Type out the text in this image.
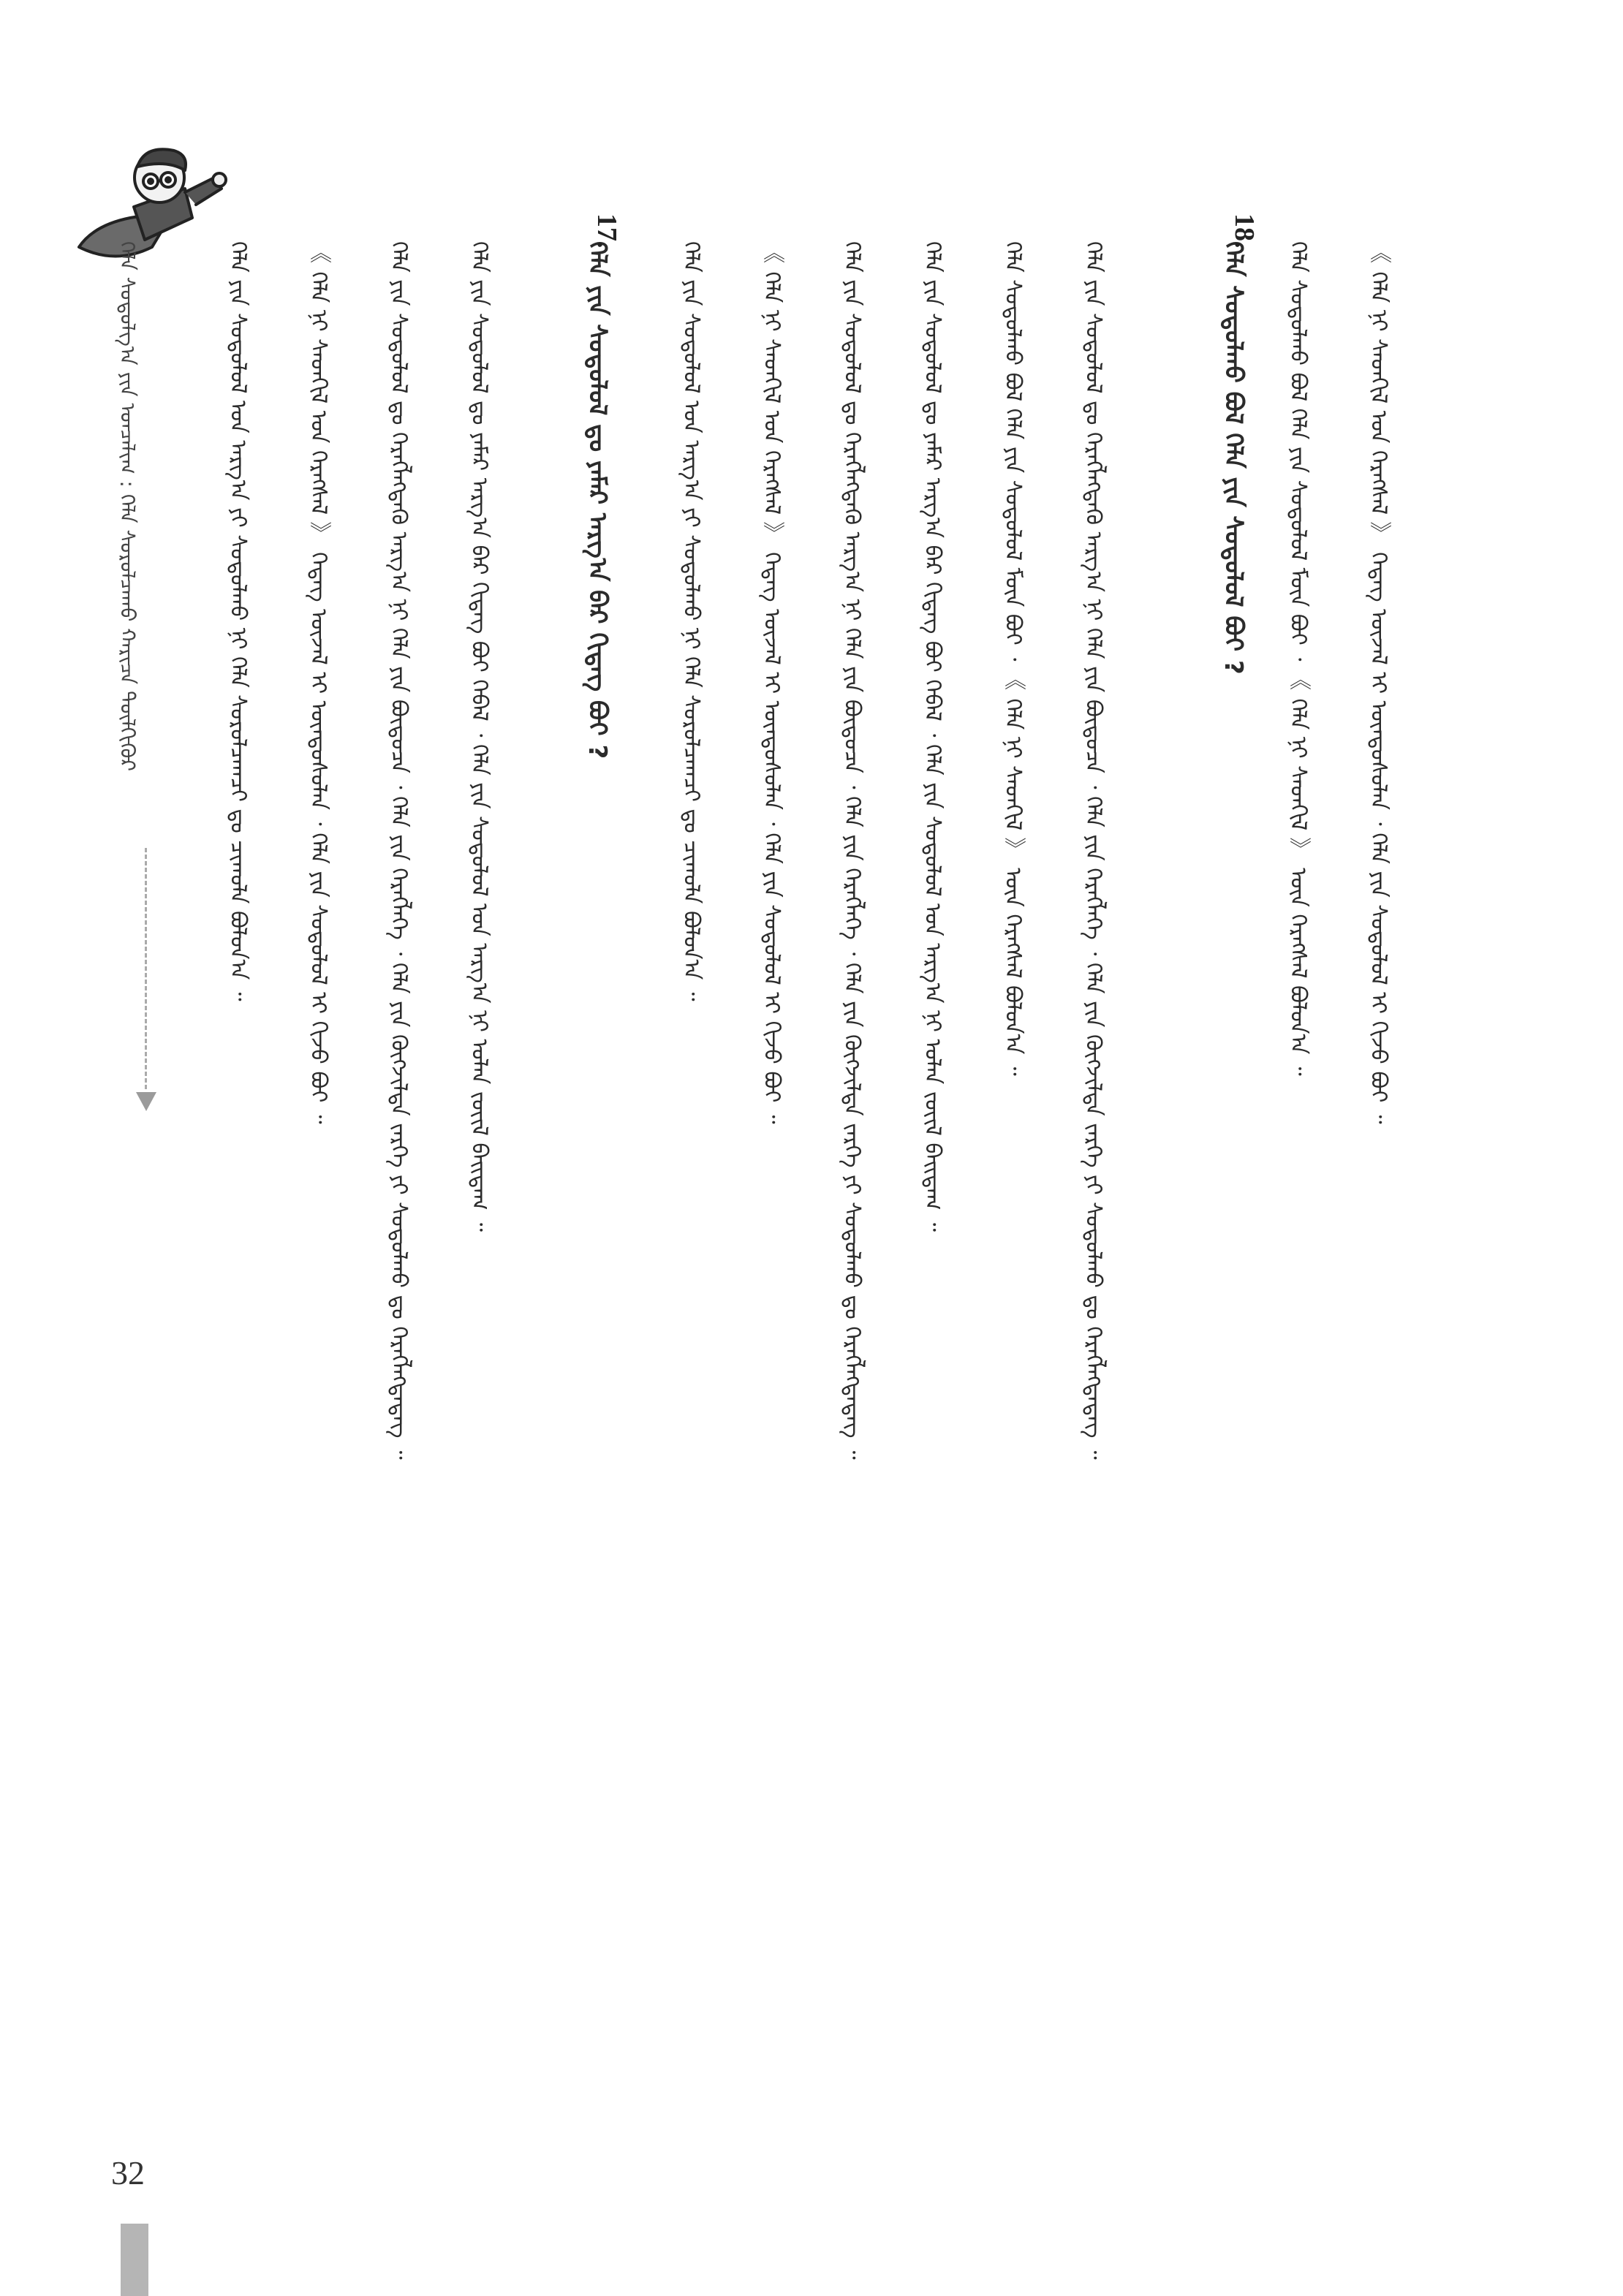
ᠬᠡᠯᠡ ᠰᠤᠳᠤᠯᠭ᠎ᠠ ᠶᠢᠨ ᠣᠨᠴᠠᠯᠢᠭ : ᠬᠡᠯᠡ ᠰᠤᠷᠤᠯᠴᠠᠬᠤ ᠬᠠᠷᠢᠴᠠ ᠲᠦᠯᠬᠢᠭᠦᠷ	ᠬᠡᠯᠡ ᠶᠢᠨ ᠰᠤᠳᠤᠯᠤᠯ ᠤᠨ ᠠᠷᠭ᠎ᠠ ᠶᠢ ᠰᠤᠳᠤᠯᠬᠤ ᠨᠢ ᠬᠡᠯᠡ ᠰᠤᠷᠤᠯᠴᠠᠭᠴᠢ ᠳᠤ ᠴᠢᠬᠤᠯᠠ ᠪᠣᠯᠤᠨ᠎ᠠ ᠃	《 ᠬᠡᠯᠡ ᠨᠢ ᠰᠡᠳᠬᠢᠯ ᠤᠨ ᠬᠡᠷᠡᠭᠰᠡᠯ 》 ᠭᠡᠳᠡᠭ ᠦᠵᠡᠯ ᠢ ᠦᠨᠳᠦᠰᠦᠯᠡᠨ ᠂ ᠬᠡᠯᠡ ᠶᠢᠨ ᠰᠤᠳᠤᠯᠤᠯ ᠢ ᠬᠢᠵᠦ ᠪᠤᠢ ᠃	ᠬᠡᠯᠡ ᠶᠢᠨ ᠰᠤᠳᠤᠯᠤᠯ ᠳᠤ ᠬᠡᠷᠡᠭᠯᠡᠭᠳᠡᠬᠦ ᠠᠷᠭ᠎ᠠ ᠨᠢ ᠬᠡᠯᠡ ᠶᠢᠨ ᠪᠦᠲᠦᠴᠡ ᠂ ᠬᠡᠯᠡ ᠶᠢᠨ ᠬᠡᠷᠡᠭᠯᠡᠭᠡ ᠂ ᠬᠡᠯᠡ ᠶᠢᠨ ᠬᠦᠭᠵᠢᠯᠲᠡ ᠵᠡᠷᠭᠡ ᠶᠢ ᠰᠤᠳᠤᠯᠬᠤ ᠳᠤ ᠬᠡᠷᠡᠭᠯᠡᠭᠳᠡᠳᠡᠭ ᠃	ᠬᠡᠯᠡ ᠶᠢᠨ ᠰᠤᠳᠤᠯᠤᠯ ᠳᠤ ᠶᠠᠮᠠᠷ ᠠᠷᠭ᠎ᠠ ᠪᠠᠷ ᠬᠢᠳᠡᠭ ᠪᠤᠢ ᠭᠡᠪᠡᠯ ᠂ ᠬᠡᠯᠡ ᠶᠢᠨ ᠰᠤᠳᠤᠯᠤᠯ ᠤᠨ ᠠᠷᠭ᠎ᠠ ᠨᠢ ᠣᠯᠠᠨ ᠵᠦᠢᠯ ᠪᠠᠢᠳᠠᠭ ᠃	ᠬᠡᠯᠡ ᠶᠢᠨ ᠰᠤᠳᠤᠯᠤᠯ ᠳᠤ ᠶᠠᠮᠠᠷ ᠠᠷᠭ᠎ᠠ ᠪᠠᠷ ᠬᠢᠳᠡᠭ ᠪᠤᠢ ?
17.
ᠬᠡᠯᠡ ᠶᠢᠨ ᠰᠤᠳᠤᠯᠤᠯ ᠤᠨ ᠠᠷᠭ᠎ᠠ ᠶᠢ ᠰᠤᠳᠤᠯᠬᠤ ᠨᠢ ᠬᠡᠯᠡ ᠰᠤᠷᠤᠯᠴᠠᠭᠴᠢ ᠳᠤ ᠴᠢᠬᠤᠯᠠ ᠪᠣᠯᠤᠨ᠎ᠠ ᠃	《 ᠬᠡᠯᠡ ᠨᠢ ᠰᠡᠳᠬᠢᠯ ᠤᠨ ᠬᠡᠷᠡᠭᠰᠡᠯ 》 ᠭᠡᠳᠡᠭ ᠦᠵᠡᠯ ᠢ ᠦᠨᠳᠦᠰᠦᠯᠡᠨ ᠂ ᠬᠡᠯᠡ ᠶᠢᠨ ᠰᠤᠳᠤᠯᠤᠯ ᠢ ᠬᠢᠵᠦ ᠪᠤᠢ ᠃	ᠬᠡᠯᠡ ᠶᠢᠨ ᠰᠤᠳᠤᠯᠤᠯ ᠳᠤ ᠬᠡᠷᠡᠭᠯᠡᠭᠳᠡᠬᠦ ᠠᠷᠭ᠎ᠠ ᠨᠢ ᠬᠡᠯᠡ ᠶᠢᠨ ᠪᠦᠲᠦᠴᠡ ᠂ ᠬᠡᠯᠡ ᠶᠢᠨ ᠬᠡᠷᠡᠭᠯᠡᠭᠡ ᠂ ᠬᠡᠯᠡ ᠶᠢᠨ ᠬᠦᠭᠵᠢᠯᠲᠡ ᠵᠡᠷᠭᠡ ᠶᠢ ᠰᠤᠳᠤᠯᠬᠤ ᠳᠤ ᠬᠡᠷᠡᠭᠯᠡᠭᠳᠡᠳᠡᠭ ᠃	ᠬᠡᠯᠡ ᠶᠢᠨ ᠰᠤᠳᠤᠯᠤᠯ ᠳᠤ ᠶᠠᠮᠠᠷ ᠠᠷᠭ᠎ᠠ ᠪᠠᠷ ᠬᠢᠳᠡᠭ ᠪᠤᠢ ᠭᠡᠪᠡᠯ ᠂ ᠬᠡᠯᠡ ᠶᠢᠨ ᠰᠤᠳᠤᠯᠤᠯ ᠤᠨ ᠠᠷᠭ᠎ᠠ ᠨᠢ ᠣᠯᠠᠨ ᠵᠦᠢᠯ ᠪᠠᠢᠳᠠᠭ ᠃	ᠬᠡᠯᠡ ᠰᠤᠳᠤᠯᠬᠤ ᠪᠣᠯ ᠬᠡᠯᠡ ᠶᠢᠨ ᠰᠤᠳᠤᠯᠤᠯ ᠮᠦᠨ ᠪᠤᠢ ᠂ 《 ᠬᠡᠯᠡ ᠨᠢ ᠰᠡᠳᠬᠢᠯ 》 ᠦᠨ ᠬᠡᠷᠡᠭᠰᠡᠯ ᠪᠣᠯᠤᠨ᠎ᠠ ᠃	ᠬᠡᠯᠡ ᠶᠢᠨ ᠰᠤᠳᠤᠯᠤᠯ ᠳᠤ ᠬᠡᠷᠡᠭᠯᠡᠭᠳᠡᠬᠦ ᠠᠷᠭ᠎ᠠ ᠨᠢ ᠬᠡᠯᠡ ᠶᠢᠨ ᠪᠦᠲᠦᠴᠡ ᠂ ᠬᠡᠯᠡ ᠶᠢᠨ ᠬᠡᠷᠡᠭᠯᠡᠭᠡ ᠂ ᠬᠡᠯᠡ ᠶᠢᠨ ᠬᠦᠭᠵᠢᠯᠲᠡ ᠵᠡᠷᠭᠡ ᠶᠢ ᠰᠤᠳᠤᠯᠬᠤ ᠳᠤ ᠬᠡᠷᠡᠭᠯᠡᠭᠳᠡᠳᠡᠭ ᠃	ᠬᠡᠯᠡ ᠰᠤᠳᠤᠯᠬᠤ ᠪᠣᠯ ᠬᠡᠯᠡ ᠶᠢᠨ ᠰᠤᠳᠤᠯᠤᠯ ᠪᠤᠢ ?
18.
ᠬᠡᠯᠡ ᠰᠤᠳᠤᠯᠬᠤ ᠪᠣᠯ ᠬᠡᠯᠡ ᠶᠢᠨ ᠰᠤᠳᠤᠯᠤᠯ ᠮᠦᠨ ᠪᠤᠢ ᠂ 《 ᠬᠡᠯᠡ ᠨᠢ ᠰᠡᠳᠬᠢᠯ 》 ᠦᠨ ᠬᠡᠷᠡᠭᠰᠡᠯ ᠪᠣᠯᠤᠨ᠎ᠠ ᠃	《 ᠬᠡᠯᠡ ᠨᠢ ᠰᠡᠳᠬᠢᠯ ᠤᠨ ᠬᠡᠷᠡᠭᠰᠡᠯ 》 ᠭᠡᠳᠡᠭ ᠦᠵᠡᠯ ᠢ ᠦᠨᠳᠦᠰᠦᠯᠡᠨ ᠂ ᠬᠡᠯᠡ ᠶᠢᠨ ᠰᠤᠳᠤᠯᠤᠯ ᠢ ᠬᠢᠵᠦ ᠪᠤᠢ ᠃
32
